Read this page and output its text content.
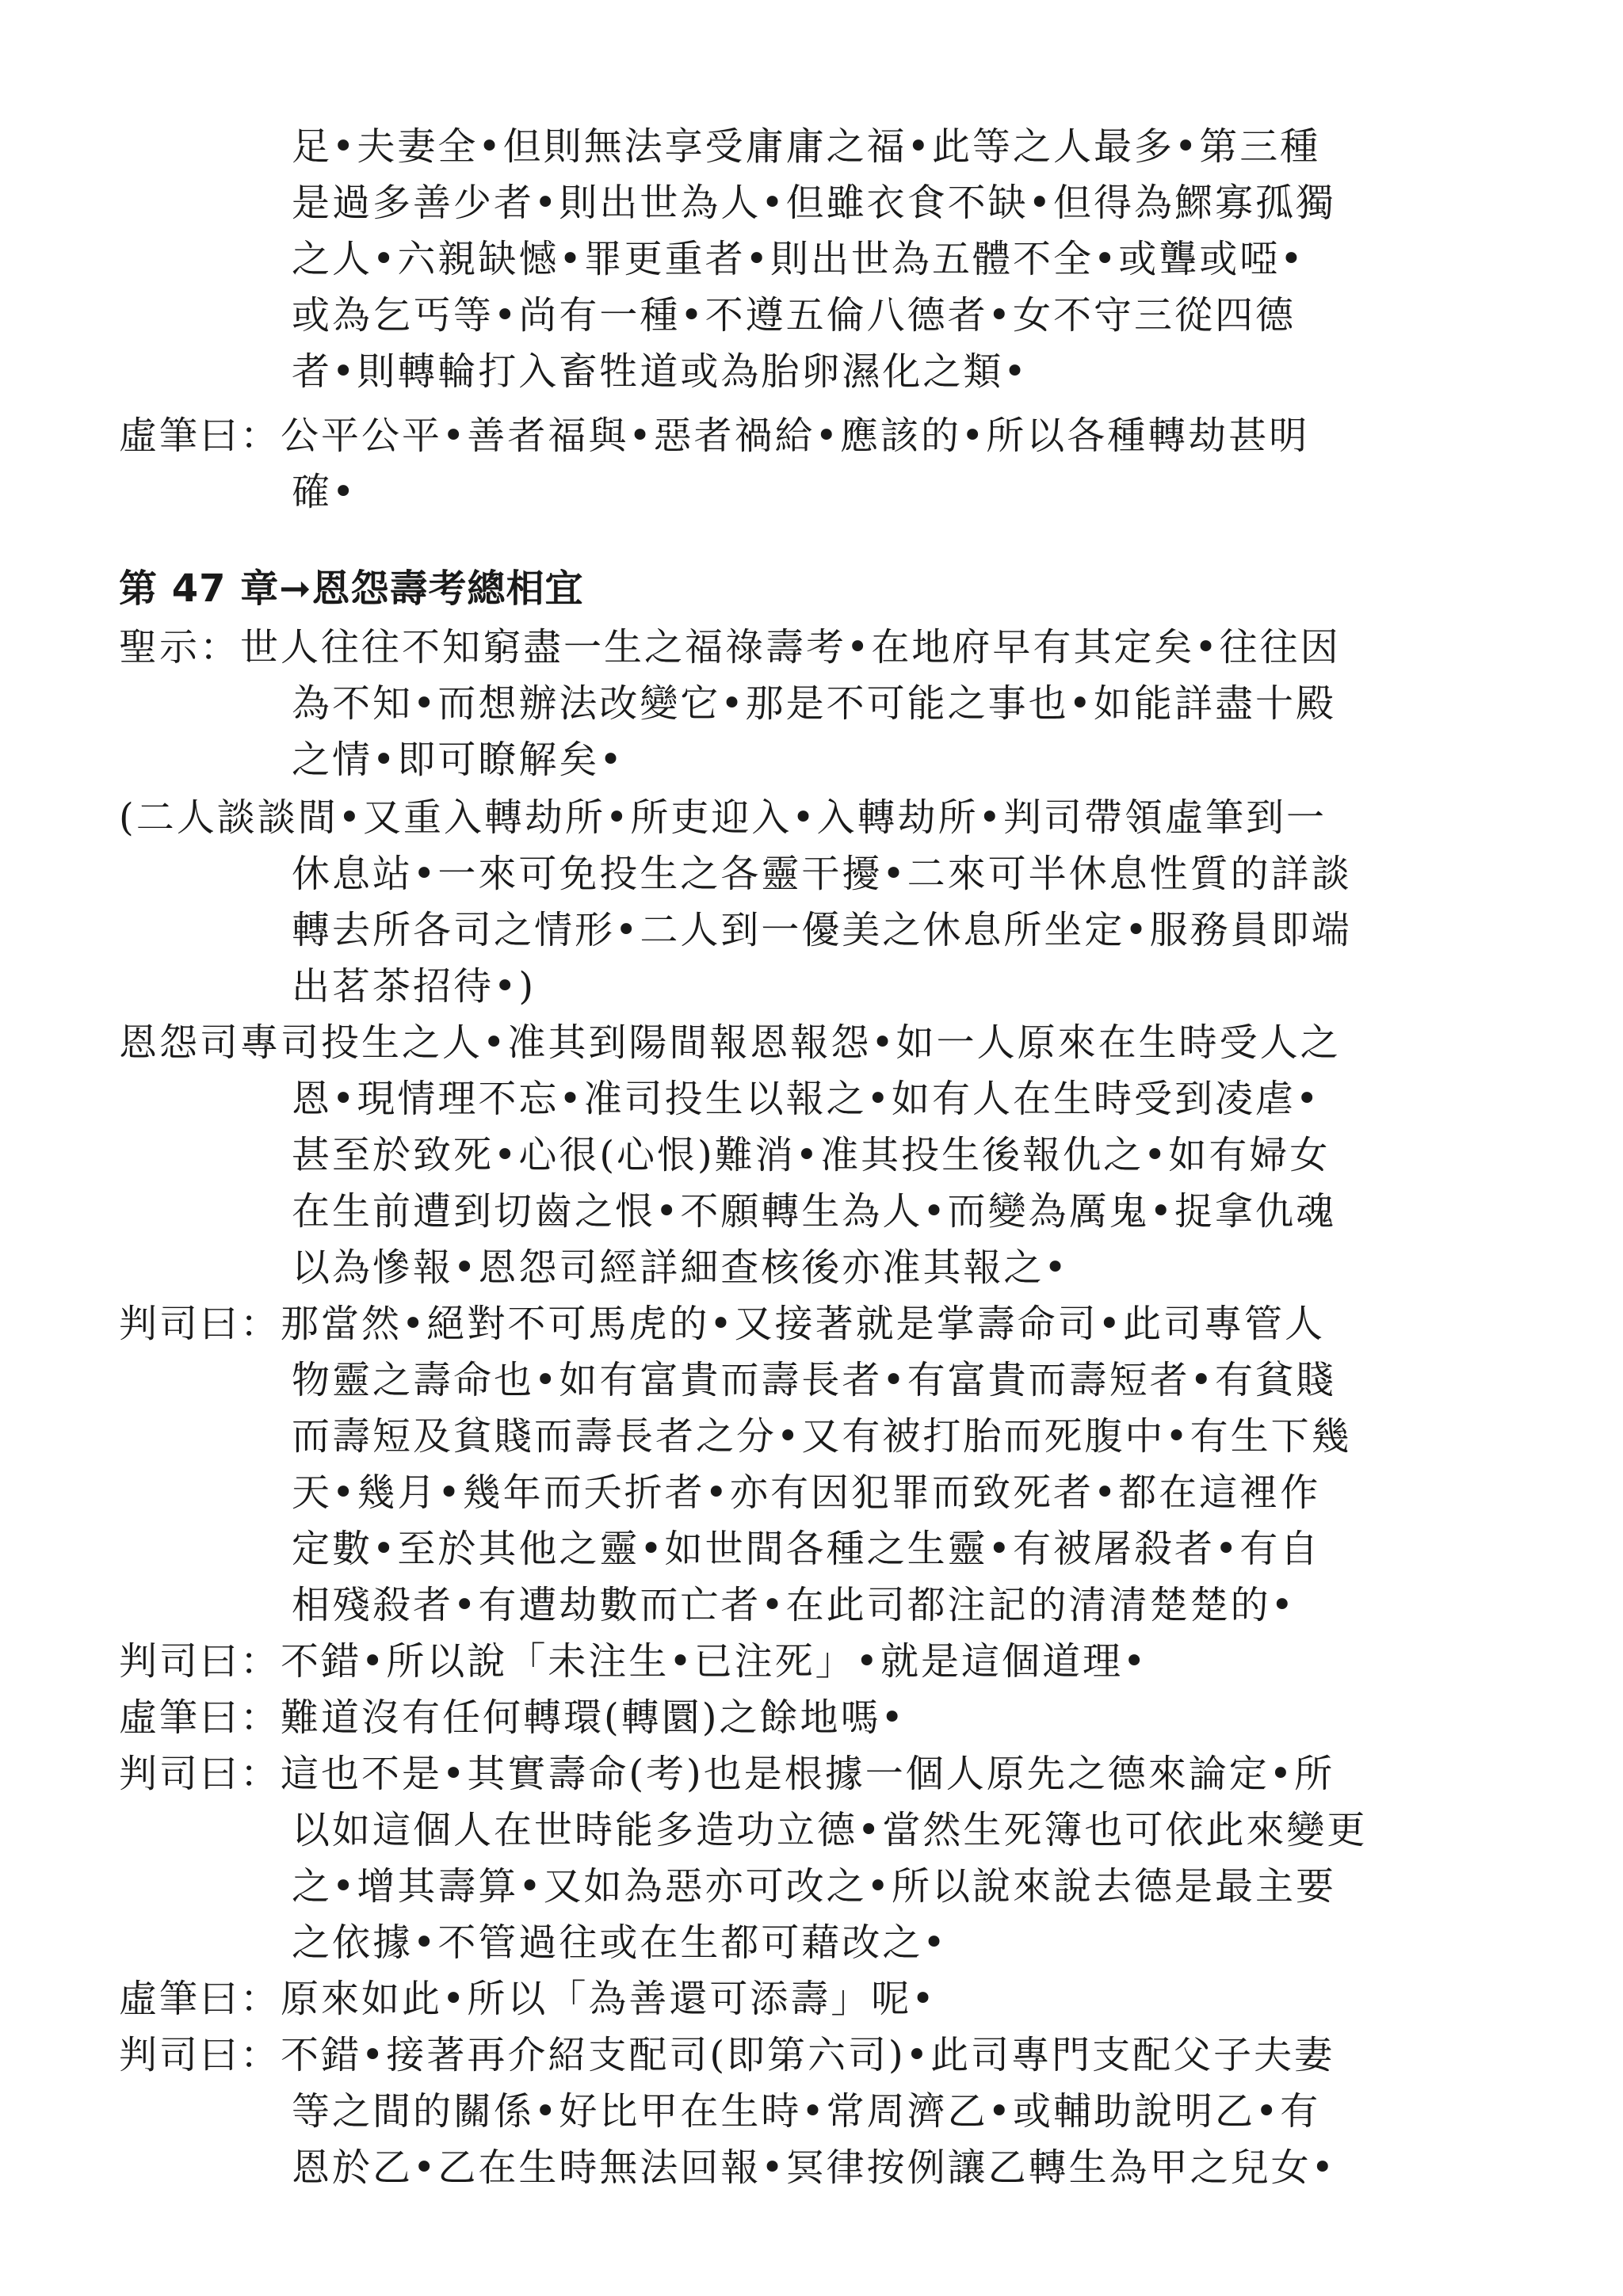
足•夫妻全•但則無法享受庸庸之福•此等之人最多•第三種
是過多善少者•則出世為人•但雖衣食不缺•但得為鰥寡孤獨
之人•六親缺憾•罪更重者•則出世為五體不全•或聾或啞•
或為乞丐等•尚有一種•不遵五倫八德者•女不守三從四德
者•則轉輪打入畜牲道或為胎卵濕化之類•
虛筆曰：公平公平•善者福與•惡者禍給•應該的•所以各種轉劫甚明
確•
第 47 章➞恩怨壽考總相宜
聖示：世人往往不知窮盡一生之福祿壽考•在地府早有其定矣•往往因
為不知•而想辦法改變它•那是不可能之事也•如能詳盡十殿
之情•即可瞭解矣•
(二人談談間•又重入轉劫所•所吏迎入•入轉劫所•判司帶領虛筆到一
休息站•一來可免投生之各靈干擾•二來可半休息性質的詳談
轉去所各司之情形•二人到一優美之休息所坐定•服務員即端
出茗茶招待•)
恩怨司專司投生之人•准其到陽間報恩報怨•如一人原來在生時受人之
恩•現情理不忘•准司投生以報之•如有人在生時受到凌虐•
甚至於致死•心很(心恨)難消•准其投生後報仇之•如有婦女
在生前遭到切齒之恨•不願轉生為人•而變為厲鬼•捉拿仇魂
以為慘報•恩怨司經詳細查核後亦准其報之•
判司曰：那當然•絕對不可馬虎的•又接著就是掌壽命司•此司專管人
物靈之壽命也•如有富貴而壽長者•有富貴而壽短者•有貧賤
而壽短及貧賤而壽長者之分•又有被打胎而死腹中•有生下幾
天•幾月•幾年而夭折者•亦有因犯罪而致死者•都在這裡作
定數•至於其他之靈•如世間各種之生靈•有被屠殺者•有自
相殘殺者•有遭劫數而亡者•在此司都注記的清清楚楚的•
判司曰：不錯•所以說「未注生•已注死」•就是這個道理•
虛筆曰：難道沒有任何轉環(轉圜)之餘地嗎•
判司曰：這也不是•其實壽命(考)也是根據一個人原先之德來論定•所
以如這個人在世時能多造功立德•當然生死簿也可依此來變更
之•增其壽算•又如為惡亦可改之•所以說來說去德是最主要
之依據•不管過往或在生都可藉改之•
虛筆曰：原來如此•所以「為善還可添壽」呢•
判司曰：不錯•接著再介紹支配司(即第六司)•此司專門支配父子夫妻
等之間的關係•好比甲在生時•常周濟乙•或輔助說明乙•有
恩於乙•乙在生時無法回報•冥律按例讓乙轉生為甲之兒女•
